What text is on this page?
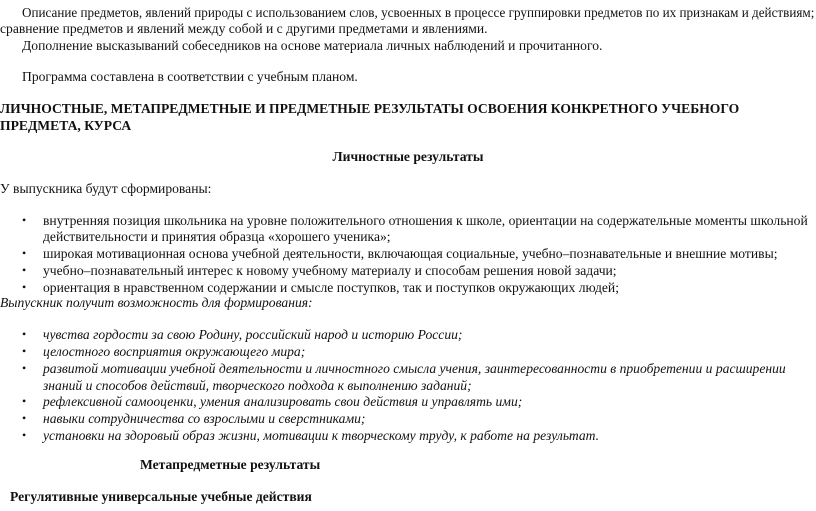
Описание предметов, явлений природы с использованием слов, усвоенных в процессе группировки предметов по их признакам и действиям;
сравнение предметов и явлений между собой и с другими предметами и явлениями.
Дополнение высказываний собеседников на основе материала личных наблюдений и прочитанного.
Программа составлена в соответствии с учебным планом.
ЛИЧНОСТНЫЕ, МЕТАПРЕДМЕТНЫЕ И ПРЕДМЕТНЫЕ РЕЗУЛЬТАТЫ ОСВОЕНИЯ КОНКРЕТНОГО УЧЕБНОГО
ПРЕДМЕТА, КУРСА
Личностные результаты
У выпускника будут сформированы:
• внутренняя позиция школьника на уровне положительного отношения к школе, ориентации на содержательные моменты школьной
действительности и принятия образца «хорошего ученика»;
• широкая мотивационная основа учебной деятельности, включающая социальные, учебно–познавательные и внешние мотивы;
• учебно–познавательный интерес к новому учебному материалу и способам решения новой задачи;
• ориентация в нравственном содержании и смысле поступков, так и поступков окружающих людей;
Выпускник получит возможность для формирования:
• чувства гордости за свою Родину, российский народ и историю России;
• целостного восприятия окружающего мира;
• развитой мотивации учебной деятельности и личностного смысла учения, заинтересованности в приобретении и расширении
знаний и способов действий, творческого подхода к выполнению заданий;
• рефлексивной самооценки, умения анализировать свои действия и управлять ими;
• навыки сотрудничества со взрослыми и сверстниками;
• установки на здоровый образ жизни, мотивации к творческому труду, к работе на результат.
Метапредметные результаты
Регулятивные универсальные учебные действия
